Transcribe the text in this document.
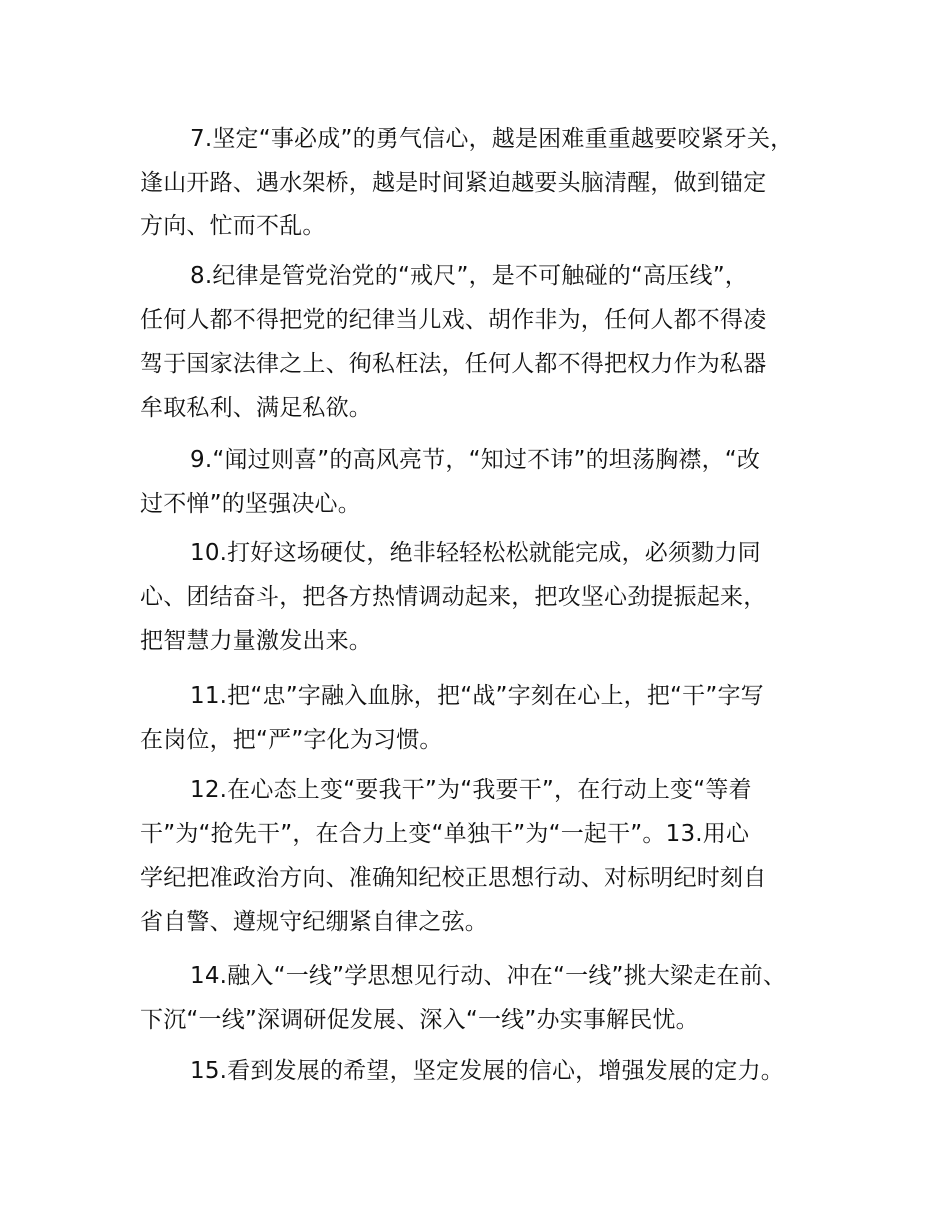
7.坚定“事必成”的勇气信心，越是困难重重越要咬紧牙关，
逢山开路、遇水架桥，越是时间紧迫越要头脑清醒，做到锚定
方向、忙而不乱。
8.纪律是管党治党的“戒尺”，是不可触碰的“高压线”，
任何人都不得把党的纪律当儿戏、胡作非为，任何人都不得凌
驾于国家法律之上、徇私枉法，任何人都不得把权力作为私器
牟取私利、满足私欲。
9.“闻过则喜”的高风亮节，“知过不讳”的坦荡胸襟，“改
过不惮”的坚强决心。
10.打好这场硬仗，绝非轻轻松松就能完成，必须勠力同
心、团结奋斗，把各方热情调动起来，把攻坚心劲提振起来，
把智慧力量激发出来。
11.把“忠”字融入血脉，把“战”字刻在心上，把“干”字写
在岗位，把“严”字化为习惯。
12.在心态上变“要我干”为“我要干”，在行动上变“等着
干”为“抢先干”，在合力上变“单独干”为“一起干”。13.用心
学纪把准政治方向、准确知纪校正思想行动、对标明纪时刻自
省自警、遵规守纪绷紧自律之弦。
14.融入“一线”学思想见行动、冲在“一线”挑大梁走在前、
下沉“一线”深调研促发展、深入“一线”办实事解民忧。
15.看到发展的希望，坚定发展的信心，增强发展的定力。
